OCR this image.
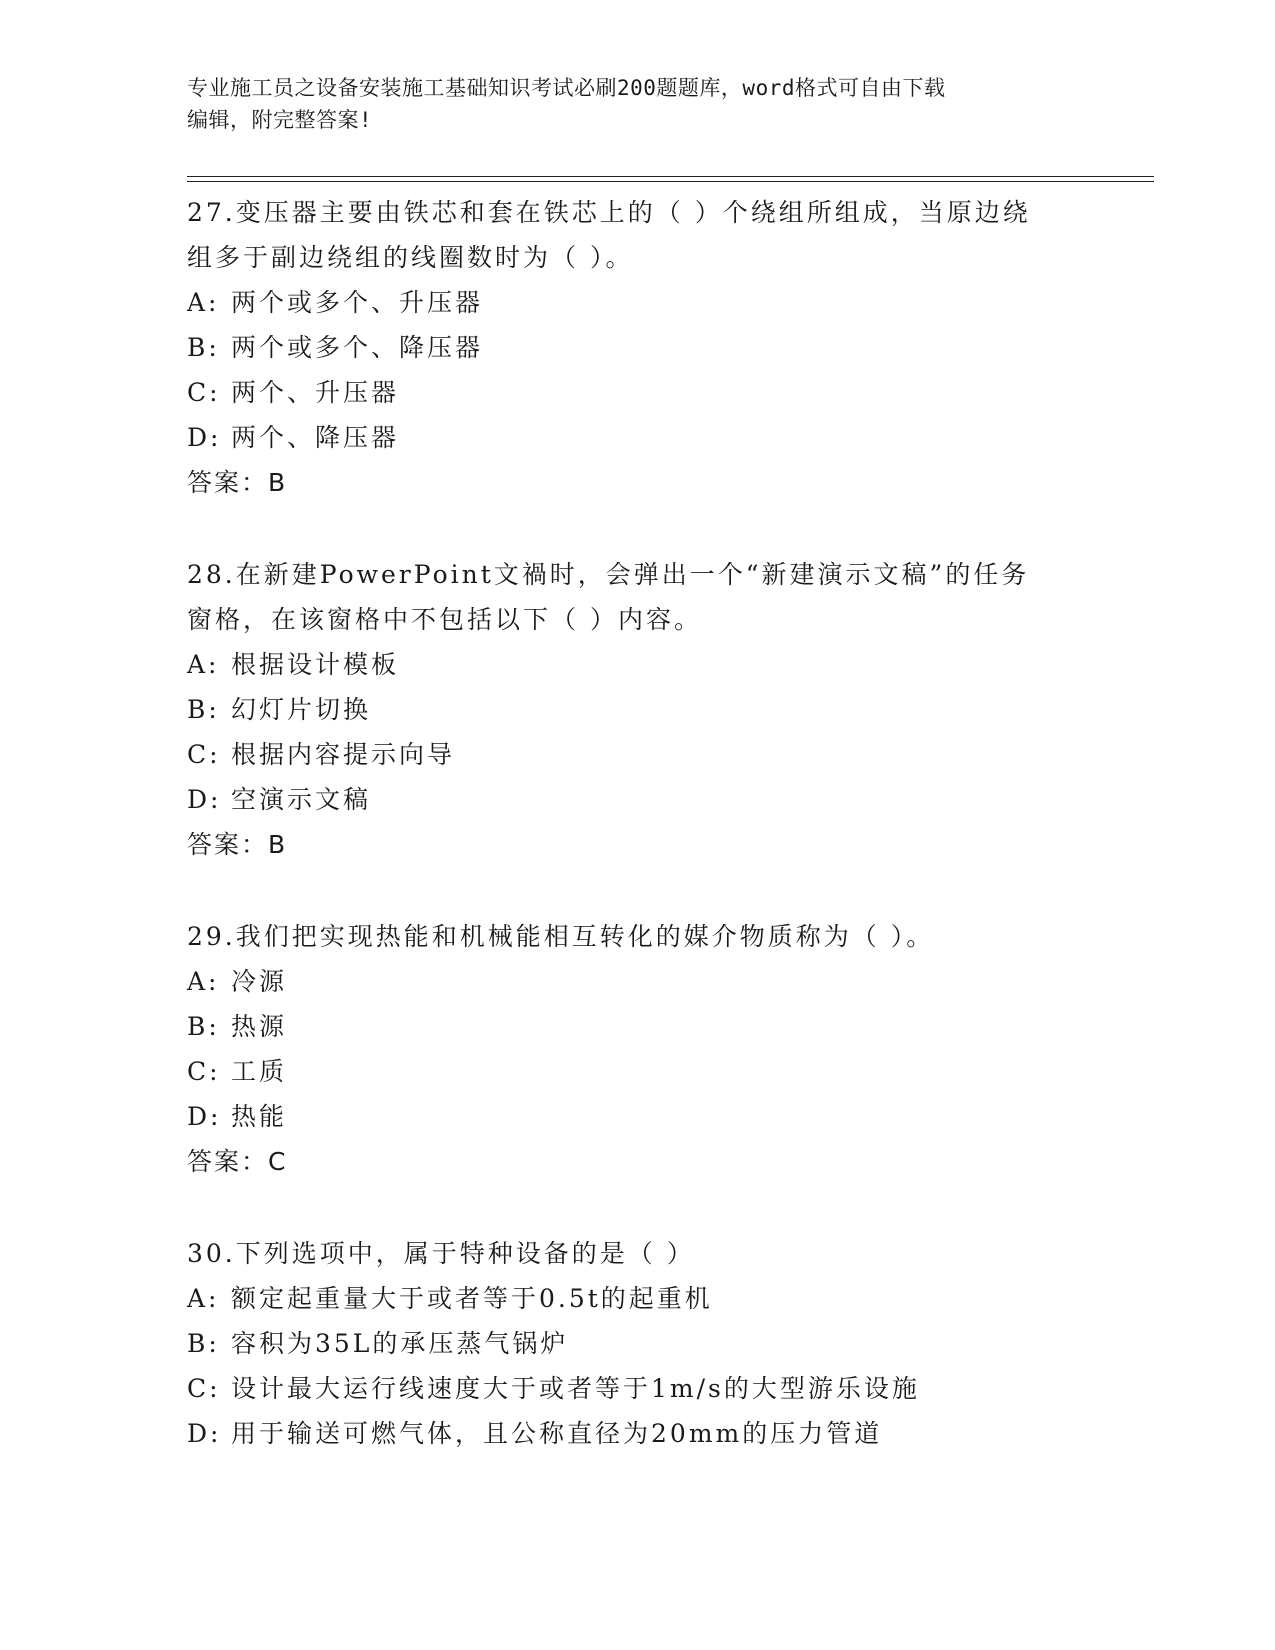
专业施工员之设备安装施工基础知识考试必刷200题题库，word格式可自由下载
编辑，附完整答案!

27.变压器主要由铁芯和套在铁芯上的（ ）个绕组所组成，当原边绕

组多于副边绕组的线圈数时为（ ）。

A: 两个或多个、升压器

B: 两个或多个、降压器

C: 两个、升压器

D: 两个、降压器

答案：B

28.在新建PowerPoint文禍时，会弹出一个“新建演示文稿”的任务

窗格，在该窗格中不包括以下（ ）内容。

A: 根据设计模板

B: 幻灯片切换

C: 根据内容提示向导

D: 空演示文稿

答案：B

29.我们把实现热能和机械能相互转化的媒介物质称为（ ）。

A: 冷源

B: 热源

C: 工质

D: 热能

答案：C

30.下列选项中，属于特种设备的是（ ）

A: 额定起重量大于或者等于0.5t的起重机

B: 容积为35L的承压蒸气锅炉

C: 设计最大运行线速度大于或者等于1m/s的大型游乐设施

D: 用于输送可燃气体，且公称直径为20mm的压力管道
